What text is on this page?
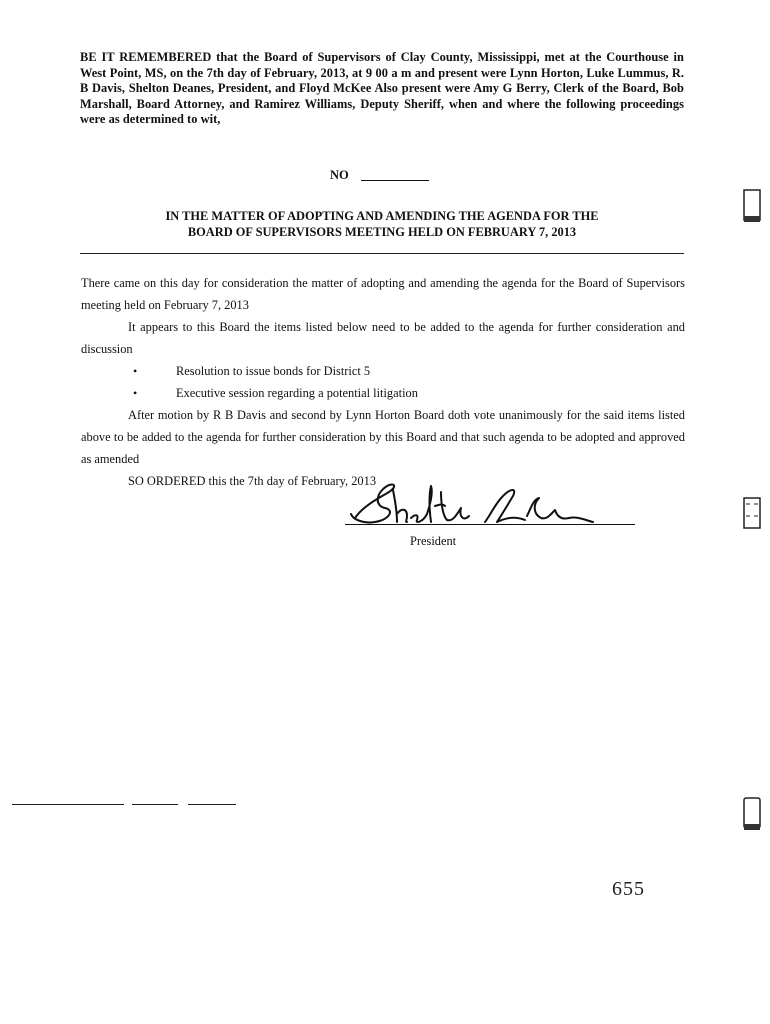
BE IT REMEMBERED that the Board of Supervisors of Clay County, Mississippi, met at the Courthouse in West Point, MS, on the 7th day of February, 2013, at 9 00 a m and present were Lynn Horton, Luke Lummus, R. B Davis, Shelton Deanes, President, and Floyd McKee Also present were Amy G Berry, Clerk of the Board, Bob Marshall, Board Attorney, and Ramirez Williams, Deputy Sheriff, when and where the following proceedings were as determined to wit,
NO
IN THE MATTER OF ADOPTING AND AMENDING THE AGENDA FOR THE
BOARD OF SUPERVISORS MEETING HELD ON FEBRUARY 7, 2013

There came on this day for consideration the matter of adopting and amending the agenda for the Board of Supervisors meeting held on February 7, 2013

It appears to this Board the items listed below need to be added to the agenda for further consideration and discussion

•	Resolution to issue bonds for District 5
•	Executive session regarding a potential litigation

After motion by R B Davis and second by Lynn Horton Board doth vote unanimously for the said items listed above to be added to the agenda for further consideration by this Board and that such agenda to be adopted and approved as amended

SO ORDERED this the 7th day of February, 2013

President
655
